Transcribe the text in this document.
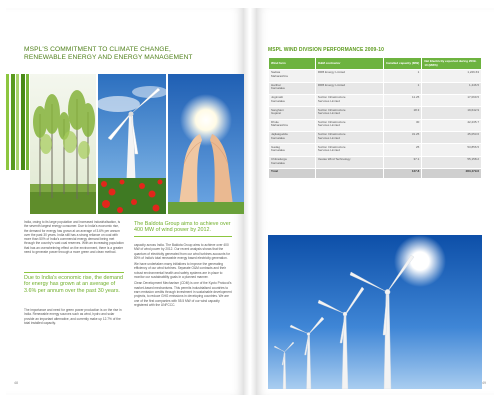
MSPL'S COMMITMENT TO CLIMATE CHANGE,
RENEWABLE ENERGY AND ENERGY MANAGEMENT

India, owing to its large population and increased industrialisation, is the seventh largest energy consumer. Due to India's economic rise, the demand for energy has grown at an average of 3.6% per annum over the past 30 years. India still has a strong reliance on coal with more than 50% of India's commercial energy demand being met through the country's vast coal reserves. With an increasing population that has an overwhelming effect on the environment, there is a greater need to generate power through a more green and clean method.

Due to India's economic rise, the demand for energy has grown at an average of 3.6% per annum over the past 30 years.

The importance and need for green power production is on the rise in India. Renewable energy sources such as wind, hydro and solar provide an important alternative, and currently make up 12.7% of the total installed capacity.

The Baldota Group aims to achieve over 400 MW of wind power by 2012.

capacity across India. The Baldota Group aims to achieve over 400 MW of wind power by 2012. Our recent analysis shows that the quantum of electricity generated from our wind turbines accounts for 80% of India's total renewable energy based electricity generation.

We have undertaken many initiatives to improve the generating efficiency of our wind turbines. Separate O&M contracts and their robust environmental health and safety systems are in place to monitor our sustainability goals in a planned manner.

Clean Development Mechanism (CDM) is one of the Kyoto Protocol's market-based mechanisms. This permits industrialised countries to earn emission credits through investment in sustainable development projects, to reduce GHG emissions in developing countries. We are one of the first companies with 55.5 MW of our wind capacity registered with the UNFCCC.

48
MSPL WIND DIVISION PERFORMANCE 2009-10
Wind farm	O&M contractor	Installed capacity (MW)	Net Electricity exported during 2009-10 (MWh)
Sadwa
Maharashtra	RRB Energy Limited	1	1,226.63
Harihar
Karnataka	RRB Energy Limited	1	1,446.5
Jogimatti
Karnataka	Suzlon Infrastructure
Services Limited	11.25	17,069.5
Sanghani
Gujarat	Suzlon Infrastructure
Services Limited	18.3	19,642.9
Dhule
Maharashtra	Suzlon Infrastructure
Services Limited	30	42,235.7
Jajikalgudda
Karnataka	Suzlon Infrastructure
Services Limited	31.25	45,053.6
Gadag
Karnataka	Suzlon Infrastructure
Services Limited	25	53,856.5
Chitradurga
Karnataka	Vestas Wind Technology	37.1	55,158.2
Total		127.8	283,479.6
49
